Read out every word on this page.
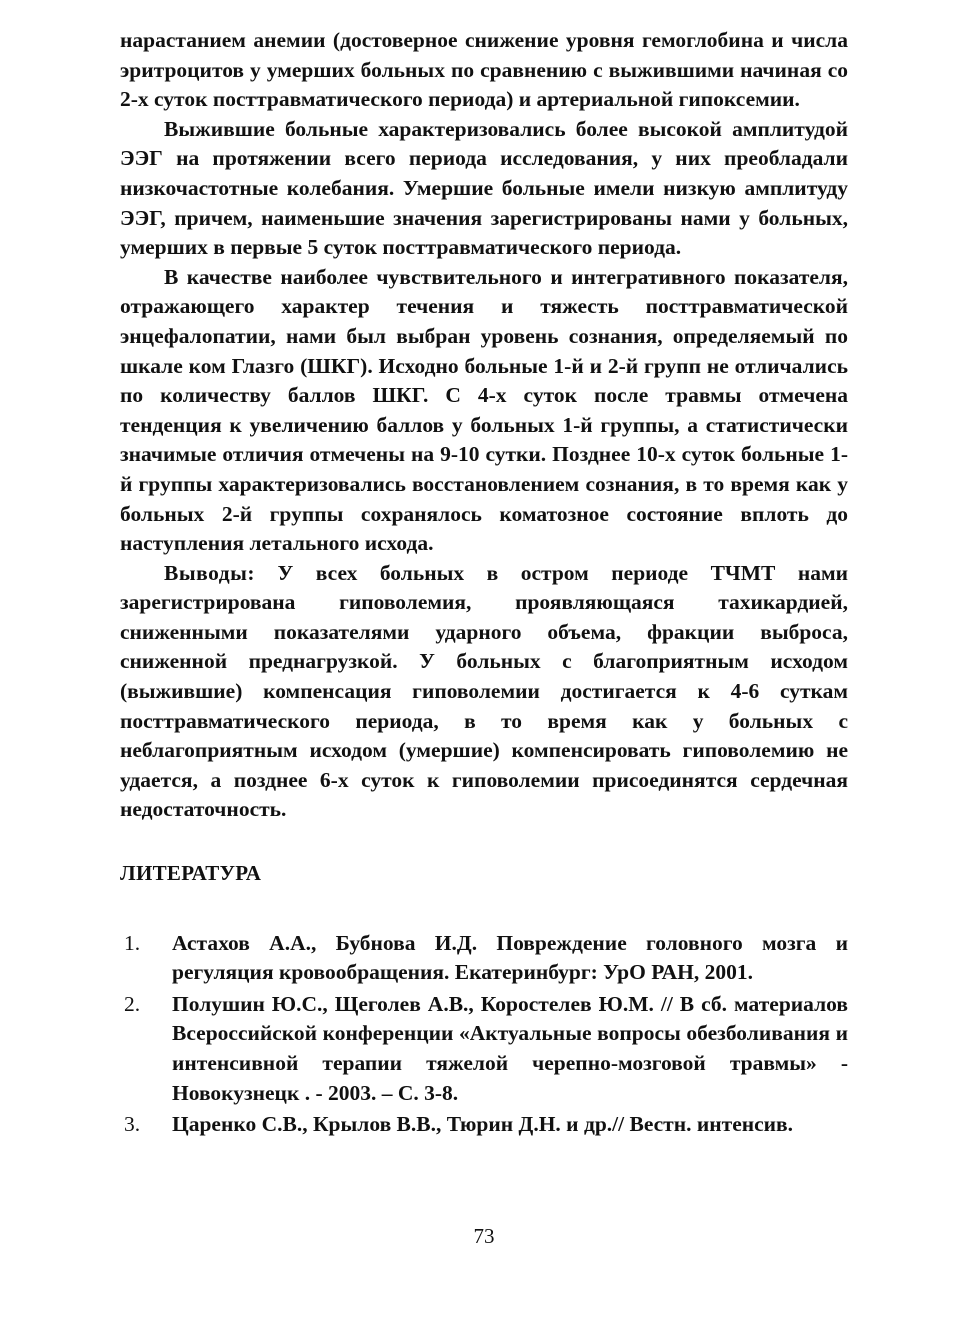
нарастанием анемии (достоверное снижение уровня гемоглобина и числа эритроцитов у умерших больных по сравнению с выжившими начиная со 2-х суток посттравматического периода) и артериальной гипоксемии.

Выжившие больные характеризовались более высокой амплитудой ЭЭГ на протяжении всего периода исследования, у них преобладали низкочастотные колебания. Умершие больные имели низкую амплитуду ЭЭГ, причем, наименьшие значения зарегистрированы нами у больных, умерших в первые 5 суток посттравматического периода.

В качестве наиболее чувствительного и интегративного показателя, отражающего характер течения и тяжесть посттравматической энцефалопатии, нами был выбран уровень сознания, определяемый по шкале ком Глазго (ШКГ). Исходно больные 1-й и 2-й групп не отличались по количеству баллов ШКГ. С 4-х суток после травмы отмечена тенденция к увеличению баллов у больных 1-й группы, а статистически значимые отличия отмечены на 9-10 сутки. Позднее 10-х суток больные 1-й группы характеризовались восстановлением сознания, в то время как у больных 2-й группы сохранялось коматозное состояние вплоть до наступления летального исхода.

Выводы: У всех больных в остром периоде ТЧМТ нами зарегистрирована гиповолемия, проявляющаяся тахикардией, сниженными показателями ударного объема, фракции выброса, сниженной преднагрузкой. У больных с благоприятным исходом (выжившие) компенсация гиповолемии достигается к 4-6 суткам посттравматического периода, в то время как у больных с неблагоприятным исходом (умершие) компенсировать гиповолемию не удается, а позднее 6-х суток к гиповолемии присоединятся сердечная недостаточность.

ЛИТЕРАТУРА
1. Астахов А.А., Бубнова И.Д. Повреждение головного мозга и регуляция кровообращения. Екатеринбург: УрО РАН, 2001.
2. Полушин Ю.С., Щеголев А.В., Коростелев Ю.М. // В сб. материалов Всероссийской конференции «Актуальные вопросы обезболивания и интенсивной терапии тяжелой черепно-мозговой травмы» - Новокузнецк . - 2003. – С. 3-8.
3. Царенко С.В., Крылов В.В., Тюрин Д.Н. и др.// Вестн. интенсив.
73
